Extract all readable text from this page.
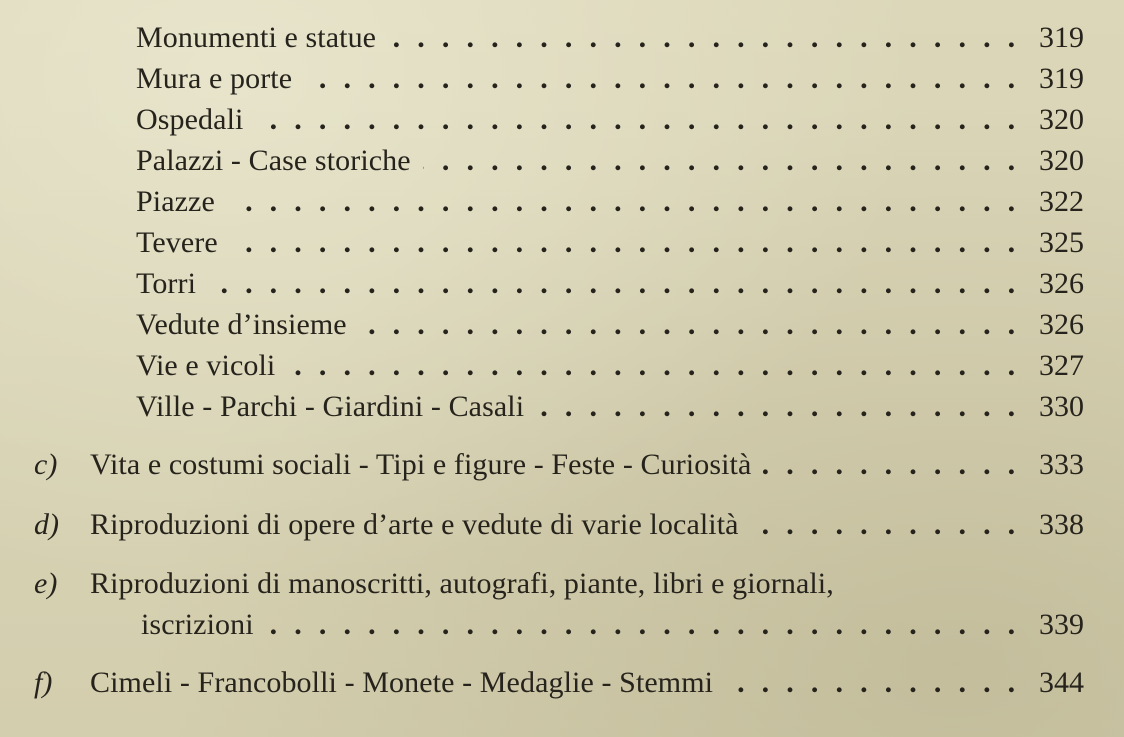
Monumenti e statue . . .	319
Mura e porte . . .	319
Ospedali . . .	320
Palazzi - Case storiche . . .	320
Piazze . . .	322
Tevere . . .	325
Torri . . .	326
Vedute d’insieme . . .	326
Vie e vicoli . . .	327
Ville - Parchi - Giardini - Casali . . .	330
c)	Vita e costumi sociali - Tipi e figure - Feste - Curiosità . . .	333
d)	Riproduzioni di opere d’arte e vedute di varie località . . .	338
e)	Riproduzioni di manoscritti, autografi, piante, libri e giornali,
iscrizioni . . .	339
f)	Cimeli - Francobolli - Monete - Medaglie - Stemmi . . .	344
